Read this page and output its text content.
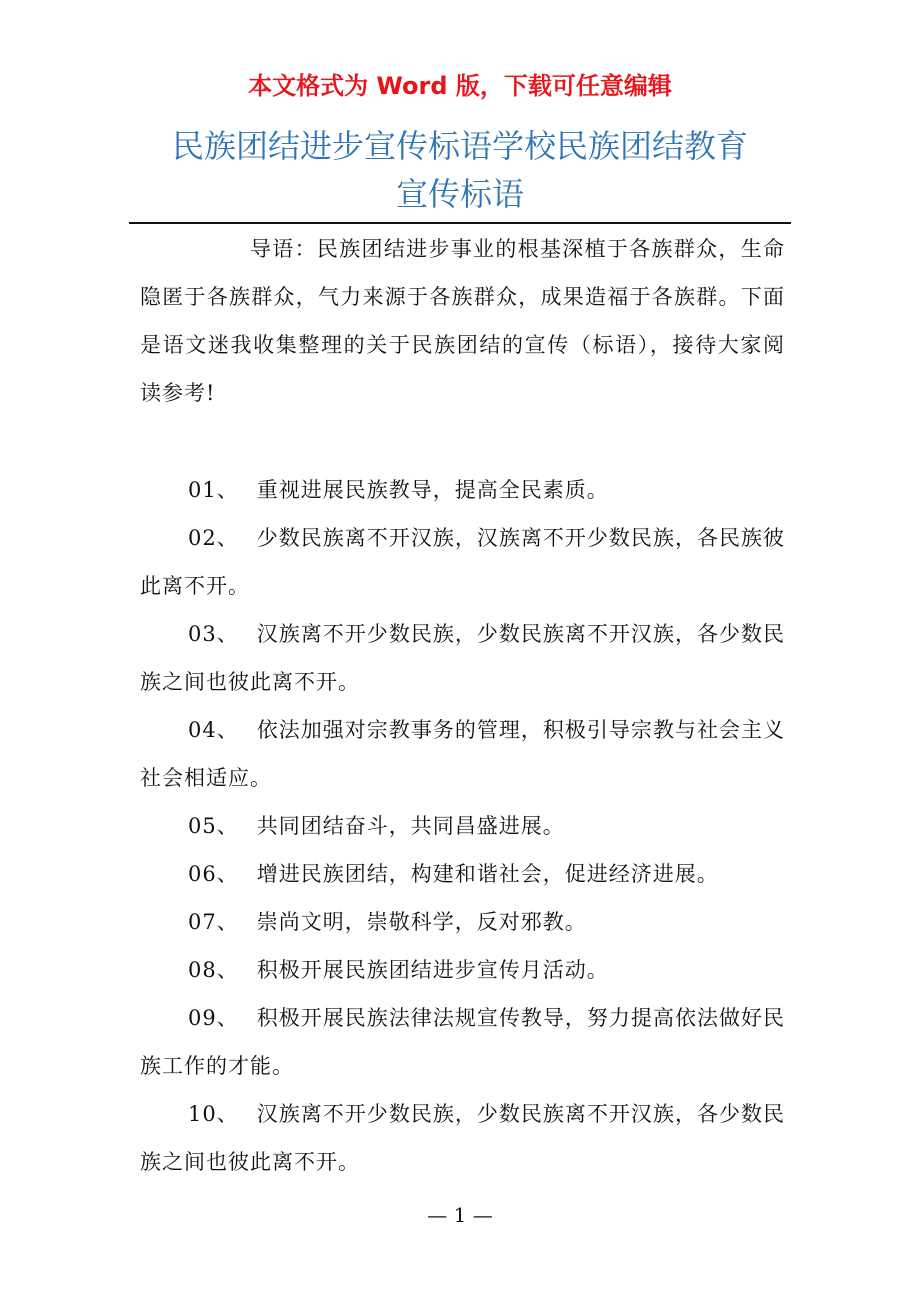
本文格式为 Word 版，下载可任意编辑
民族团结进步宣传标语学校民族团结教育
宣传标语

导语：民族团结进步事业的根基深植于各族群众，生命隐匿于各族群众，气力来源于各族群众，成果造福于各族群。下面是语文迷我收集整理的关于民族团结的宣传（标语），接待大家阅读参考!

01、 重视进展民族教导，提高全民素质。

02、 少数民族离不开汉族，汉族离不开少数民族，各民族彼此离不开。

03、 汉族离不开少数民族，少数民族离不开汉族，各少数民族之间也彼此离不开。

04、 依法加强对宗教事务的管理，积极引导宗教与社会主义社会相适应。

05、 共同团结奋斗，共同昌盛进展。

06、 增进民族团结，构建和谐社会，促进经济进展。

07、 崇尚文明，崇敬科学，反对邪教。

08、 积极开展民族团结进步宣传月活动。

09、 积极开展民族法律法规宣传教导，努力提高依法做好民族工作的才能。

10、 汉族离不开少数民族，少数民族离不开汉族，各少数民族之间也彼此离不开。

— 1 —
